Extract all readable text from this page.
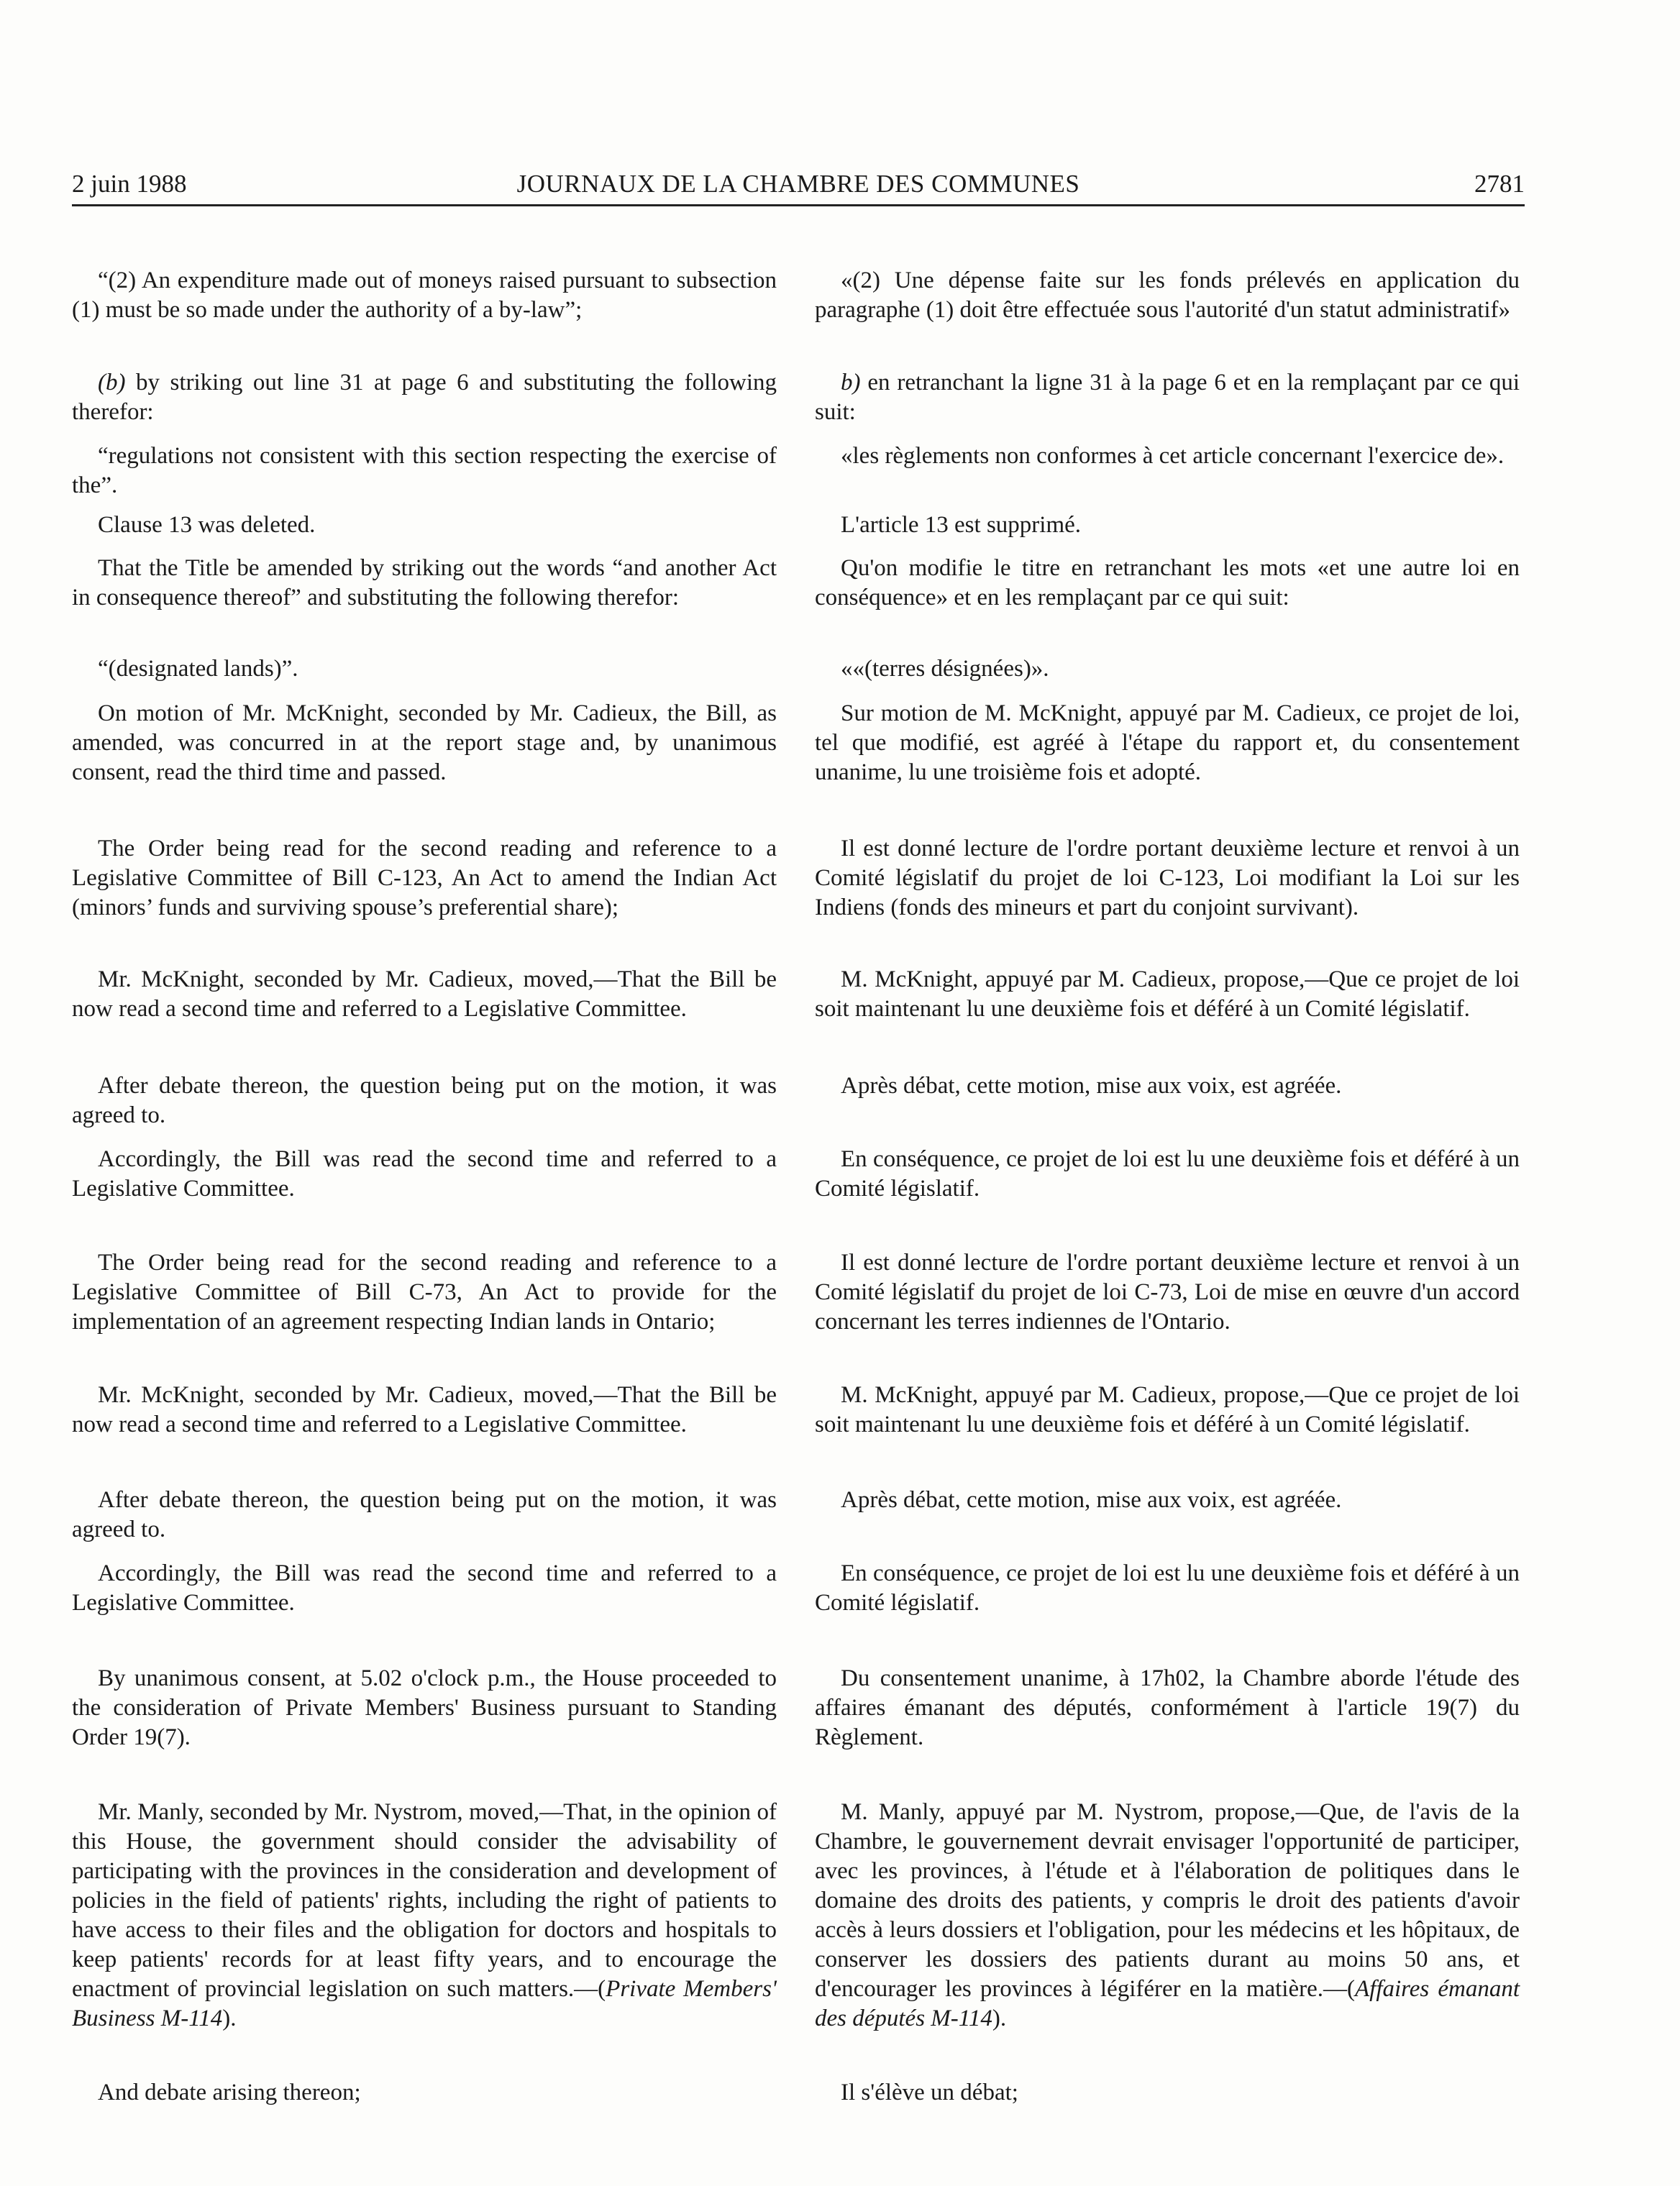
2 juin 1988	JOURNAUX DE LA CHAMBRE DES COMMUNES	2781

“(2) An expenditure made out of moneys raised pursuant to subsection (1) must be so made under the authority of a by-law”;

(b) by striking out line 31 at page 6 and substituting the following therefor:

“regulations not consistent with this section respecting the exercise of the”.

Clause 13 was deleted.

That the Title be amended by striking out the words “and another Act in consequence thereof” and substituting the following therefor:

“(designated lands)”.

On motion of Mr. McKnight, seconded by Mr. Cadieux, the Bill, as amended, was concurred in at the report stage and, by unanimous consent, read the third time and passed.

The Order being read for the second reading and reference to a Legislative Committee of Bill C-123, An Act to amend the Indian Act (minors’ funds and surviving spouse’s preferential share);

Mr. McKnight, seconded by Mr. Cadieux, moved,—That the Bill be now read a second time and referred to a Legislative Committee.

After debate thereon, the question being put on the motion, it was agreed to.

Accordingly, the Bill was read the second time and referred to a Legislative Committee.

The Order being read for the second reading and reference to a Legislative Committee of Bill C-73, An Act to provide for the implementation of an agreement respecting Indian lands in Ontario;

Mr. McKnight, seconded by Mr. Cadieux, moved,—That the Bill be now read a second time and referred to a Legislative Committee.

After debate thereon, the question being put on the motion, it was agreed to.

Accordingly, the Bill was read the second time and referred to a Legislative Committee.

By unanimous consent, at 5.02 o'clock p.m., the House proceeded to the consideration of Private Members' Business pursuant to Standing Order 19(7).

Mr. Manly, seconded by Mr. Nystrom, moved,—That, in the opinion of this House, the government should consider the advisability of participating with the provinces in the consideration and development of policies in the field of patients' rights, including the right of patients to have access to their files and the obligation for doctors and hospitals to keep patients' records for at least fifty years, and to encourage the enactment of provincial legislation on such matters.—(Private Members' Business M-114).

And debate arising thereon;

«(2) Une dépense faite sur les fonds prélevés en application du paragraphe (1) doit être effectuée sous l'autorité d'un statut administratif»

b) en retranchant la ligne 31 à la page 6 et en la remplaçant par ce qui suit:

«les règlements non conformes à cet article concernant l'exercice de».

L'article 13 est supprimé.

Qu'on modifie le titre en retranchant les mots «et une autre loi en conséquence» et en les remplaçant par ce qui suit:

««(terres désignées)».

Sur motion de M. McKnight, appuyé par M. Cadieux, ce projet de loi, tel que modifié, est agréé à l'étape du rapport et, du consentement unanime, lu une troisième fois et adopté.

Il est donné lecture de l'ordre portant deuxième lecture et renvoi à un Comité législatif du projet de loi C-123, Loi modifiant la Loi sur les Indiens (fonds des mineurs et part du conjoint survivant).

M. McKnight, appuyé par M. Cadieux, propose,—Que ce projet de loi soit maintenant lu une deuxième fois et déféré à un Comité législatif.

Après débat, cette motion, mise aux voix, est agréée.

En conséquence, ce projet de loi est lu une deuxième fois et déféré à un Comité législatif.

Il est donné lecture de l'ordre portant deuxième lecture et renvoi à un Comité législatif du projet de loi C-73, Loi de mise en œuvre d'un accord concernant les terres indiennes de l'Ontario.

M. McKnight, appuyé par M. Cadieux, propose,—Que ce projet de loi soit maintenant lu une deuxième fois et déféré à un Comité législatif.

Après débat, cette motion, mise aux voix, est agréée.

En conséquence, ce projet de loi est lu une deuxième fois et déféré à un Comité législatif.

Du consentement unanime, à 17h02, la Chambre aborde l'étude des affaires émanant des députés, conformément à l'article 19(7) du Règlement.

M. Manly, appuyé par M. Nystrom, propose,—Que, de l'avis de la Chambre, le gouvernement devrait envisager l'opportunité de participer, avec les provinces, à l'étude et à l'élaboration de politiques dans le domaine des droits des patients, y compris le droit des patients d'avoir accès à leurs dossiers et l'obligation, pour les médecins et les hôpitaux, de conserver les dossiers des patients durant au moins 50 ans, et d'encourager les provinces à légiférer en la matière.—(Affaires émanant des députés M-114).

Il s'élève un débat;
